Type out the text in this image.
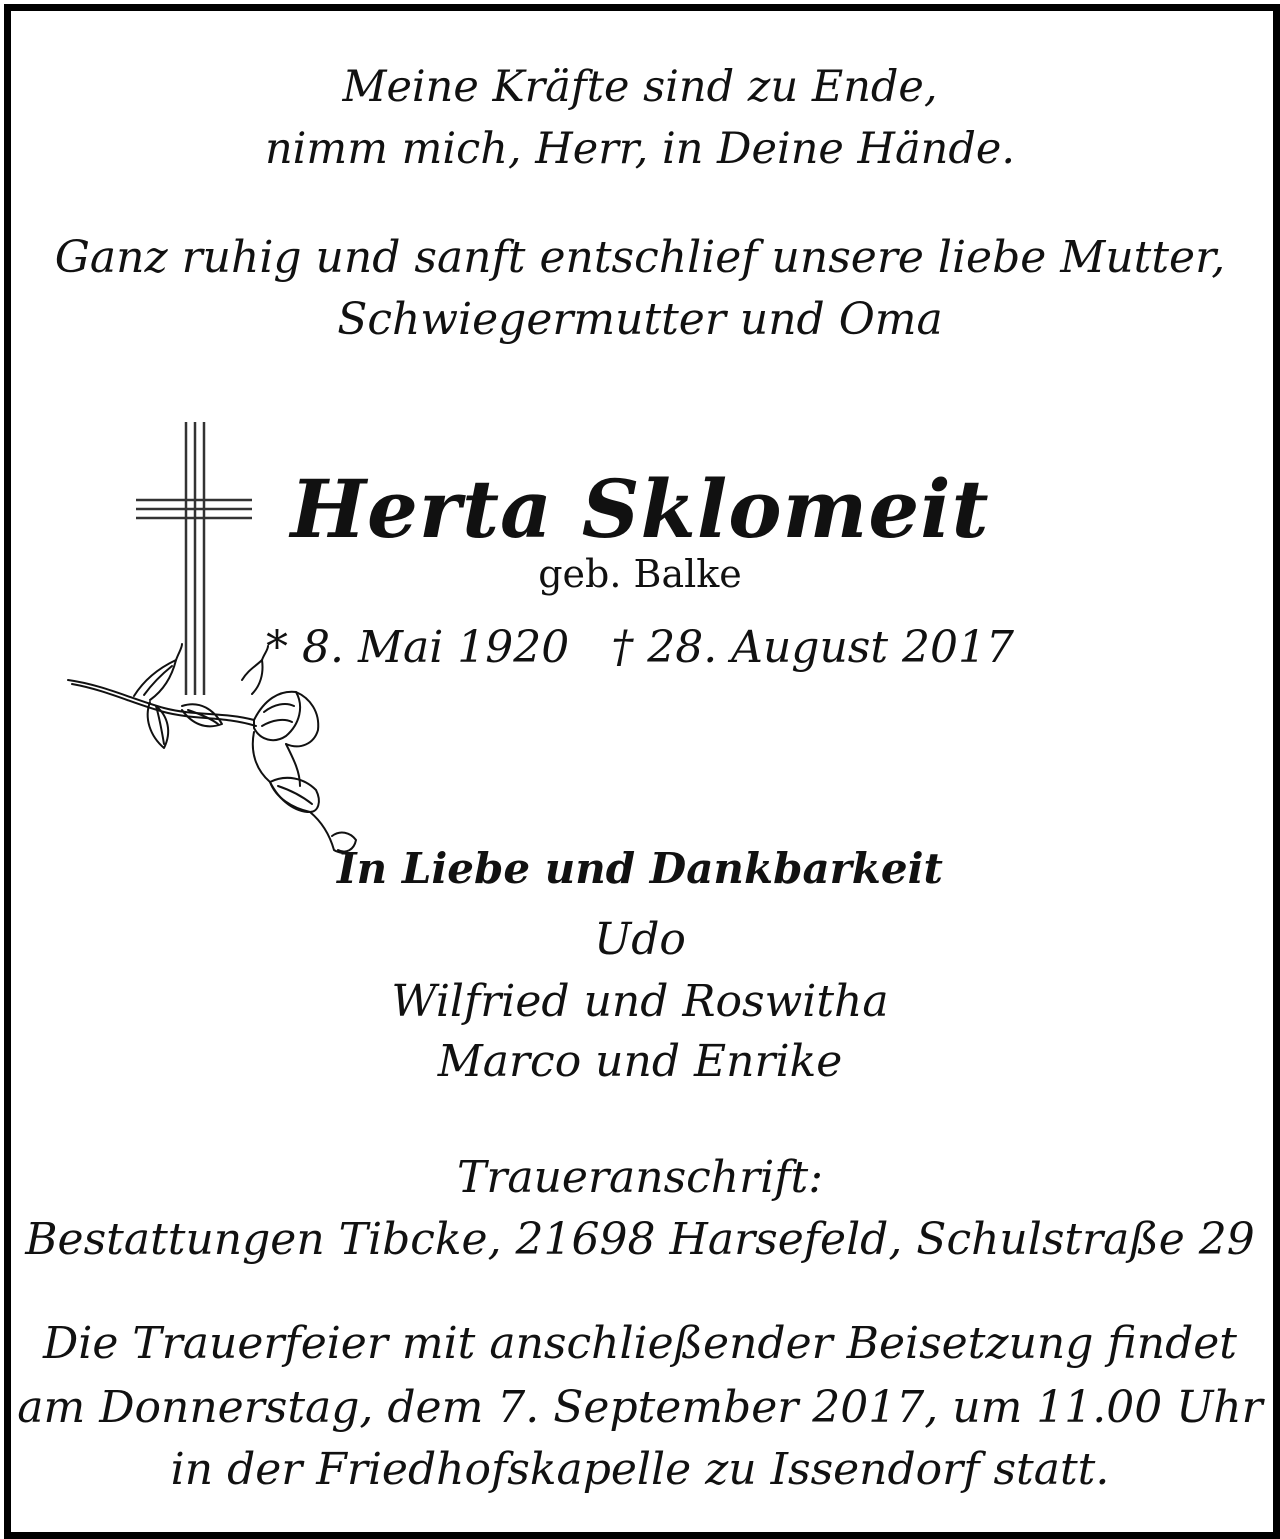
Meine Kräfte sind zu Ende,
nimm mich, Herr, in Deine Hände.
Ganz ruhig und sanft entschlief unsere liebe Mutter,
Schwiegermutter und Oma
Herta Sklomeit
geb. Balke
* 8. Mai 1920   † 28. August 2017
In Liebe und Dankbarkeit
Udo
Wilfried und Roswitha
Marco und Enrike
Traueranschrift:
Bestattungen Tibcke, 21698 Harsefeld, Schulstraße 29
Die Trauerfeier mit anschließender Beisetzung findet
am Donnerstag, dem 7. September 2017, um 11.00 Uhr
in der Friedhofskapelle zu Issendorf statt.
